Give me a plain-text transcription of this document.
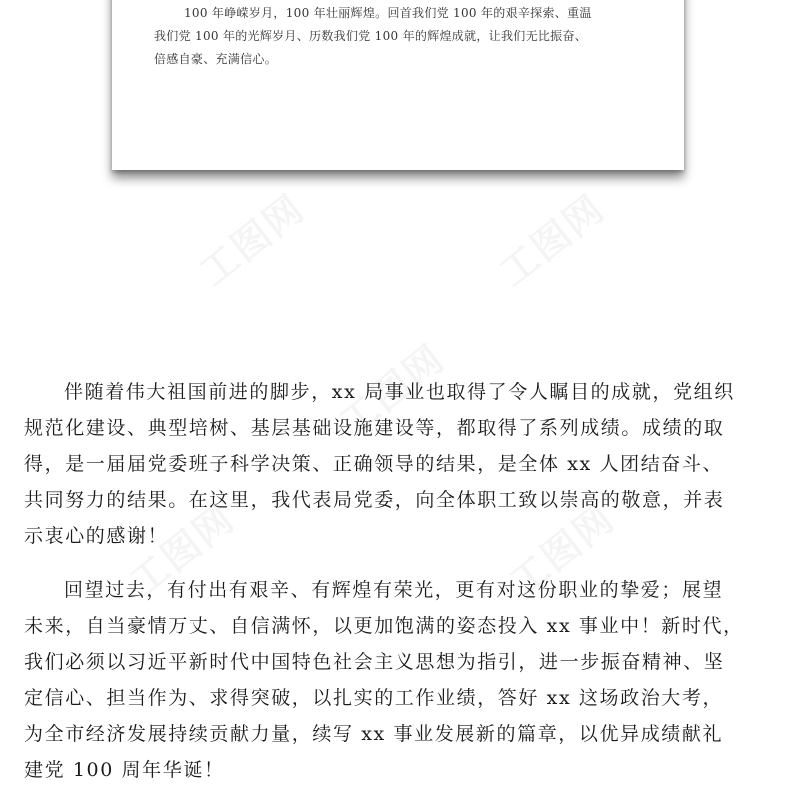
100 年峥嵘岁月，100 年壮丽辉煌。回首我们党 100 年的艰辛探索、重温
我们党 100 年的光辉岁月、历数我们党 100 年的辉煌成就，让我们无比振奋、
倍感自豪、充满信心。
伴随着伟大祖国前进的脚步，xx 局事业也取得了令人瞩目的成就，党组织
规范化建设、典型培树、基层基础设施建设等，都取得了系列成绩。成绩的取
得，是一届届党委班子科学决策、正确领导的结果，是全体 xx 人团结奋斗、
共同努力的结果。在这里，我代表局党委，向全体职工致以崇高的敬意，并表
示衷心的感谢！
回望过去，有付出有艰辛、有辉煌有荣光，更有对这份职业的挚爱；展望
未来，自当豪情万丈、自信满怀，以更加饱满的姿态投入 xx 事业中！新时代，
我们必须以习近平新时代中国特色社会主义思想为指引，进一步振奋精神、坚
定信心、担当作为、求得突破，以扎实的工作业绩，答好 xx 这场政治大考，
为全市经济发展持续贡献力量，续写 xx 事业发展新的篇章，以优异成绩献礼
建党 100 周年华诞！
